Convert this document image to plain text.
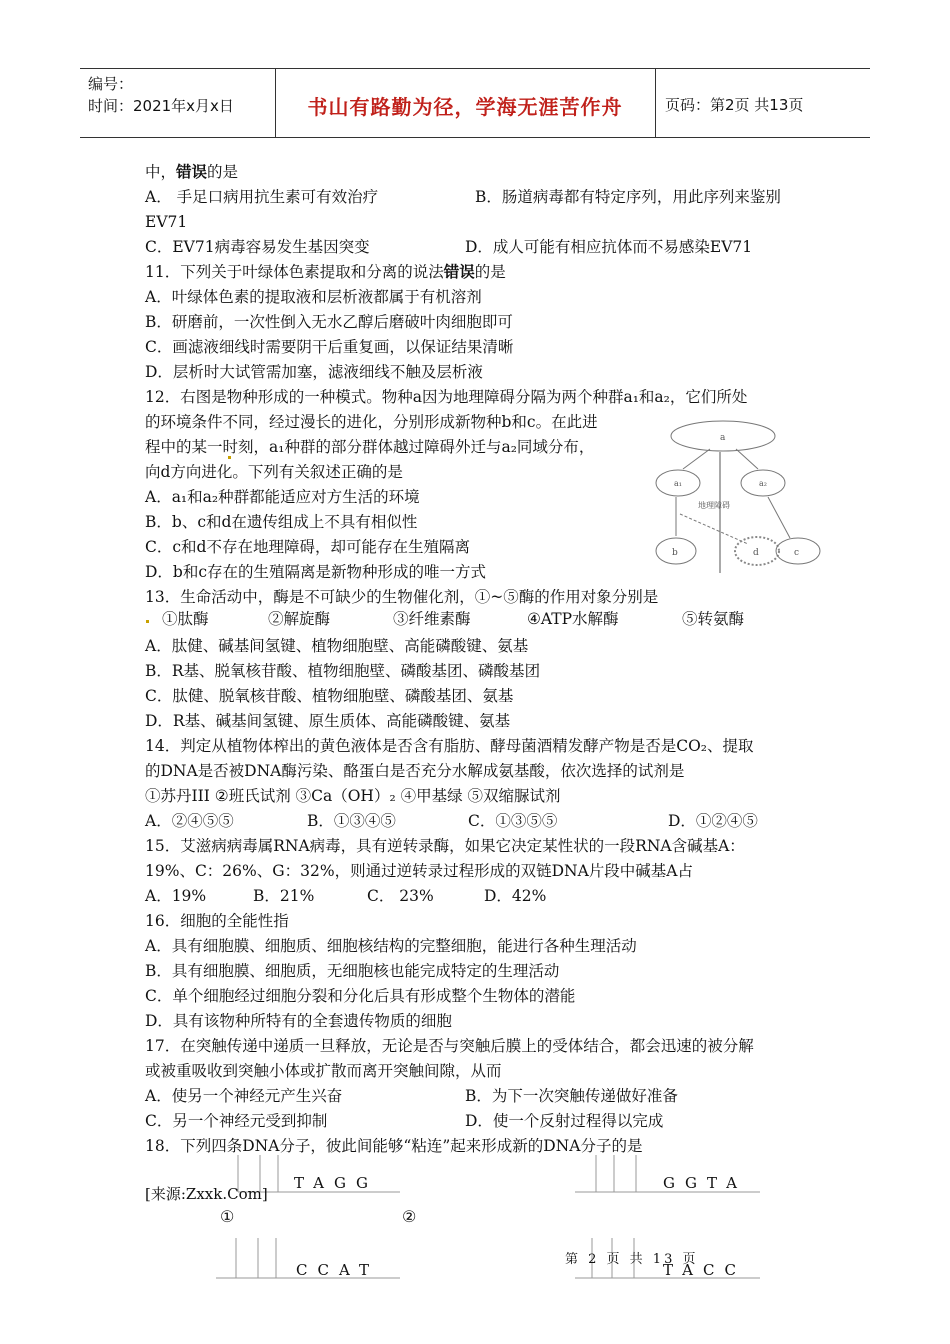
编号：
时间：2021年x月x日	书山有路勤为径，学海无涯苦作舟	页码：第2页 共13页
中，错误的是
A． 手足口病用抗生素可有效治疗	B．肠道病毒都有特定序列，用此序列来鉴别
EV71
C．EV71病毒容易发生基因突变	D．成人可能有相应抗体而不易感染EV71
11．下列关于叶绿体色素提取和分离的说法错误的是
A．叶绿体色素的提取液和层析液都属于有机溶剂
B．研磨前，一次性倒入无水乙醇后磨破叶肉细胞即可
C．画滤液细线时需要阴干后重复画，以保证结果清晰
D．层析时大试管需加塞，滤液细线不触及层析液
12．右图是物种形成的一种模式。物种a因为地理障碍分隔为两个种群a₁和a₂，它们所处
的环境条件不同，经过漫长的进化，分别形成新物种b和c。在此进
程中的某一时刻，a₁种群的部分群体越过障碍外迁与a₂同域分布，
向d方向进化。下列有关叙述正确的是
A．a₁和a₂种群都能适应对方生活的环境
B．b、c和d在遗传组成上不具有相似性
C．c和d不存在地理障碍，却可能存在生殖隔离
D．b和c存在的生殖隔离是新物种形成的唯一方式
a
a₁	a₂
地理障碍
b	d	c
13．生命活动中，酶是不可缺少的生物催化剂，①~⑤酶的作用对象分别是
①肽酶	②解旋酶	③纤维素酶	④ATP水解酶	⑤转氨酶
A．肽健、碱基间氢键、植物细胞壁、高能磷酸键、氨基
B．R基、脱氧核苷酸、植物细胞壁、磷酸基团、磷酸基团
C．肽健、脱氧核苷酸、植物细胞壁、磷酸基团、氨基
D．R基、碱基间氢键、原生质体、高能磷酸键、氨基
14．判定从植物体榨出的黄色液体是否含有脂肪、酵母菌酒精发酵产物是否是CO₂、提取
的DNA是否被DNA酶污染、酪蛋白是否充分水解成氨基酸，依次选择的试剂是
①苏丹III ②班氏试剂 ③Ca（OH）₂ ④甲基绿 ⑤双缩脲试剂
A．②④⑤⑤	B．①③④⑤	C．①③⑤⑤	D．①②④⑤
15．艾滋病病毒属RNA病毒，具有逆转录酶，如果它决定某性状的一段RNA含碱基A：
19%、C：26%、G：32%，则通过逆转录过程形成的双链DNA片段中碱基A占
A．19%	B．21%	C． 23%	D．42%
16．细胞的全能性指
A．具有细胞膜、细胞质、细胞核结构的完整细胞，能进行各种生理活动
B．具有细胞膜、细胞质，无细胞核也能完成特定的生理活动
C．单个细胞经过细胞分裂和分化后具有形成整个生物体的潜能
D．具有该物种所特有的全套遗传物质的细胞
17．在突触传递中递质一旦释放，无论是否与突触后膜上的受体结合，都会迅速的被分解
或被重吸收到突触小体或扩散而离开突触间隙，从而
A．使另一个神经元产生兴奋	B．为下一次突触传递做好准备
C．另一个神经元受到抑制	D．使一个反射过程得以完成
18．下列四条DNA分子，彼此间能够“粘连”起来形成新的DNA分子的是
TAGG	GGTA
[来源:Zxxk.Com]
①	②
CCAT	TACC
第 2 页 共 13 页
